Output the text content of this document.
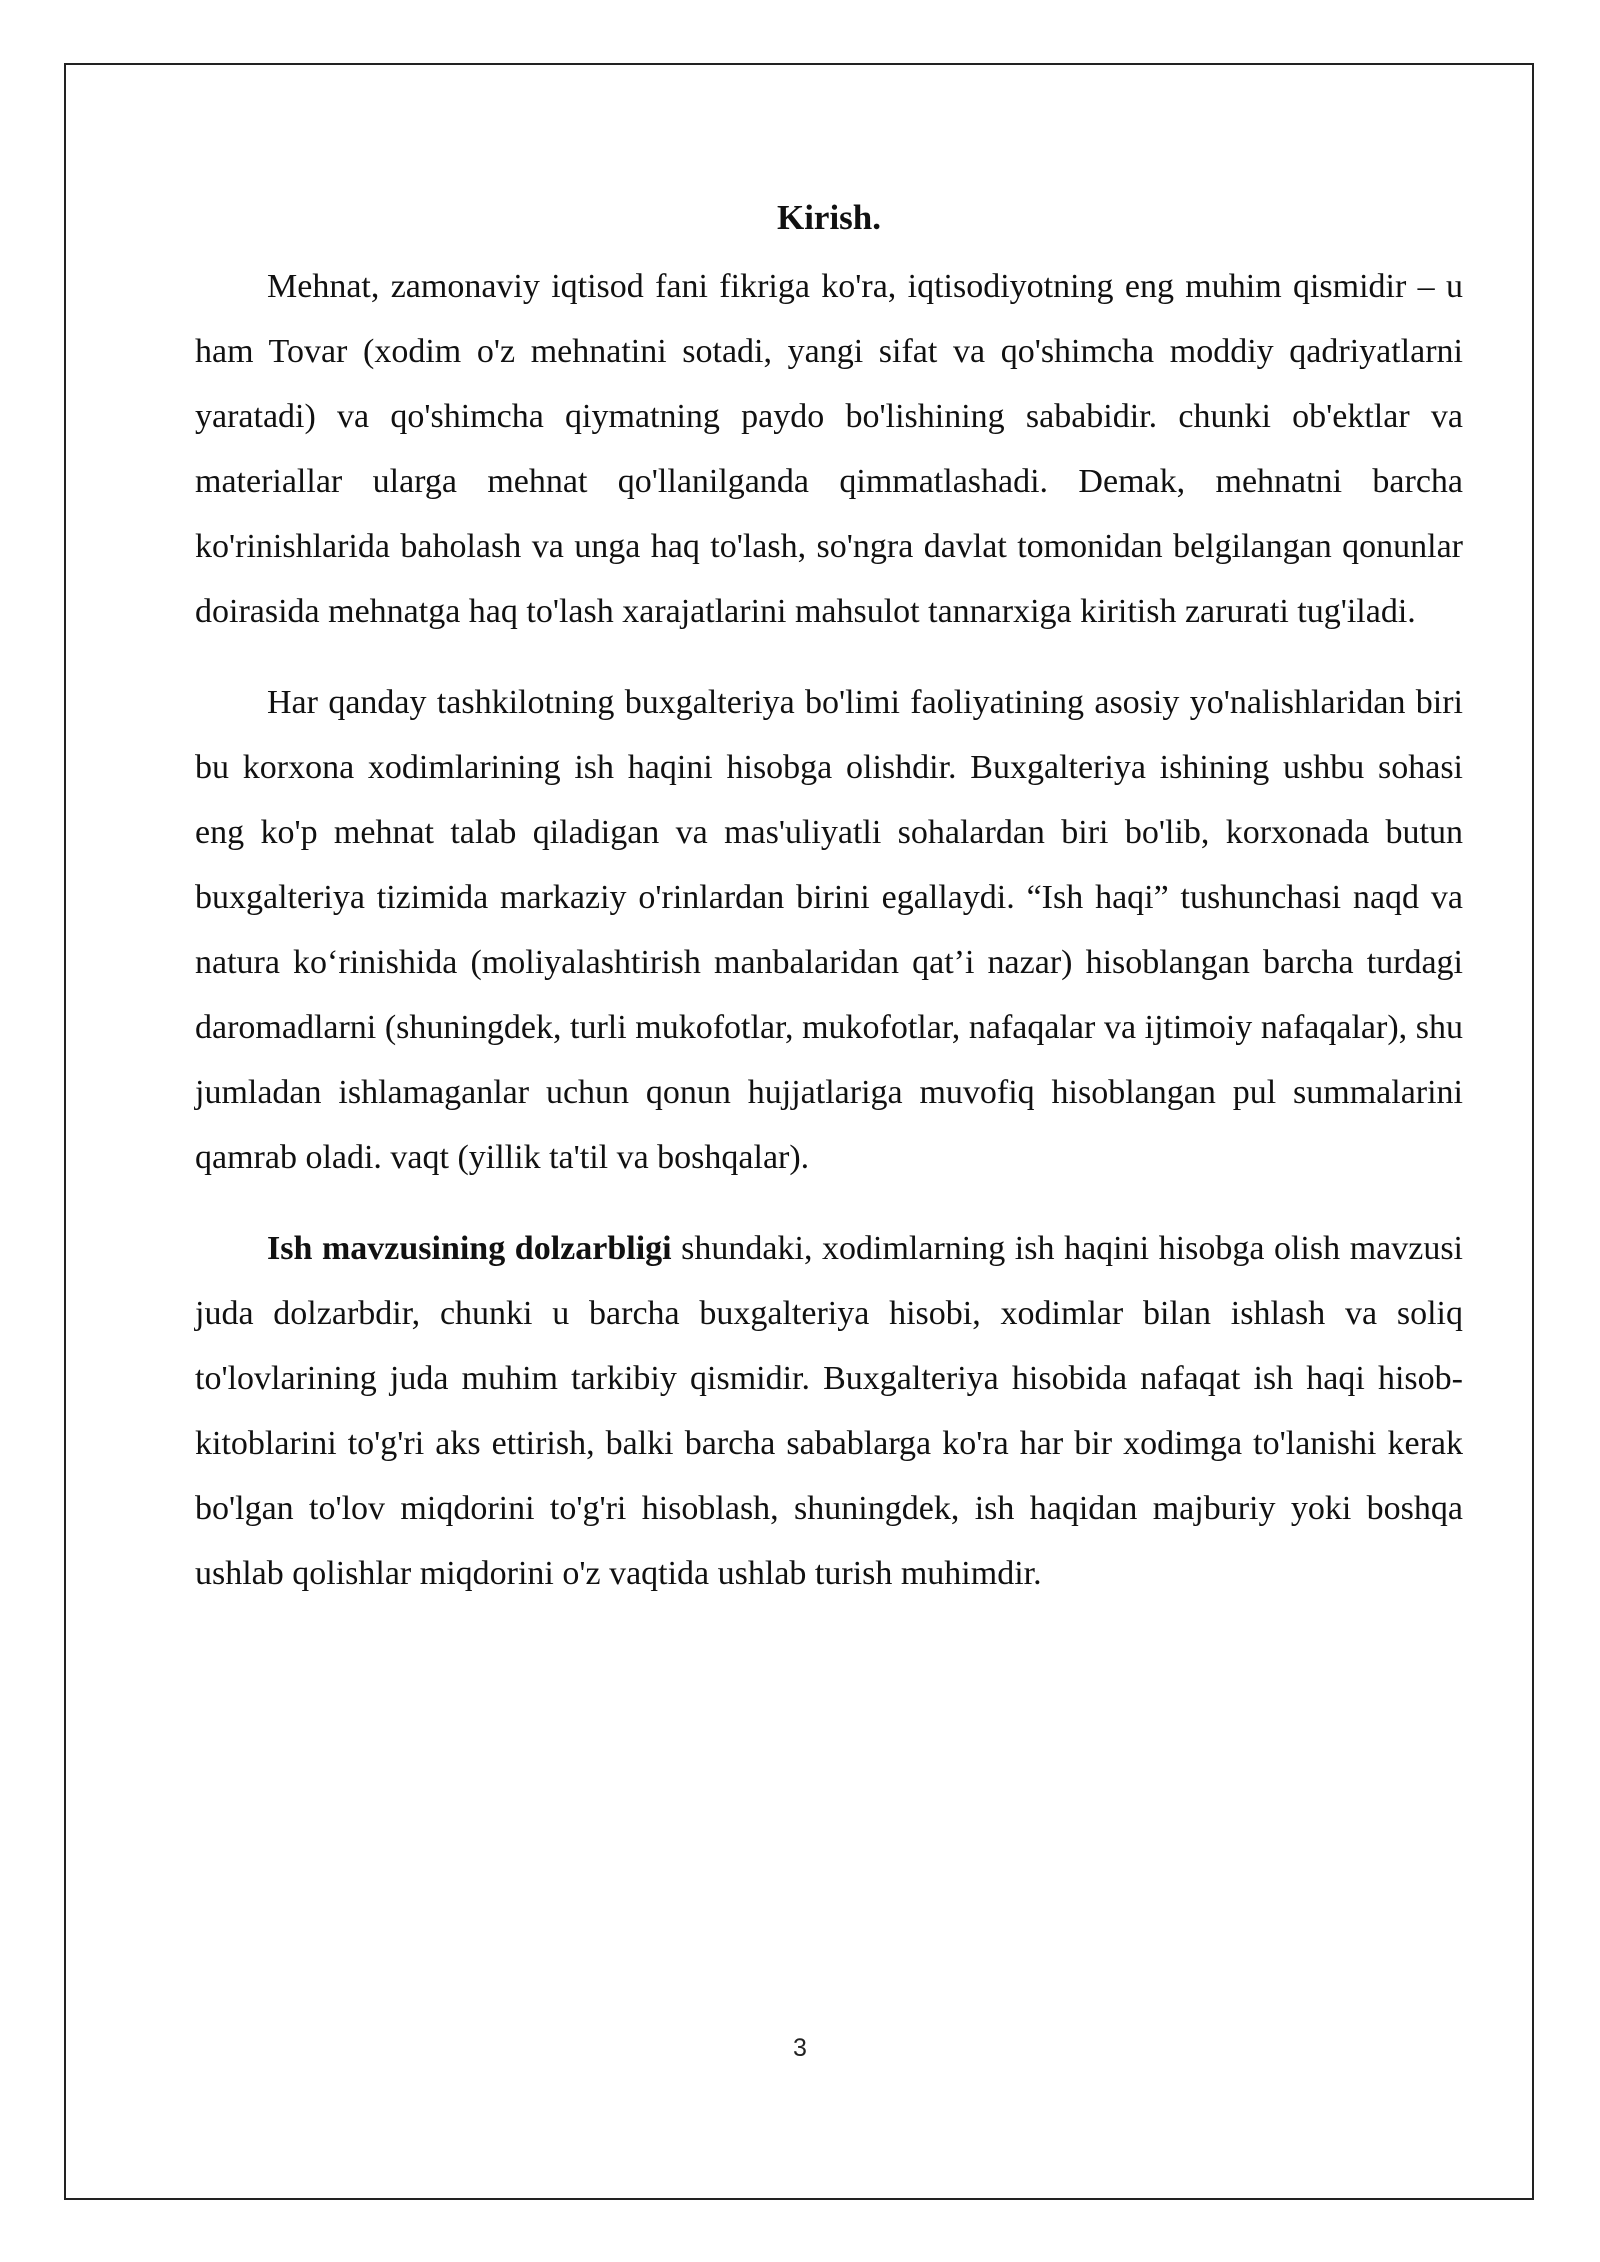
Kirish.

Mehnat, zamonaviy iqtisod fani fikriga ko'ra, iqtisodiyotning eng muhim qismidir – u ham Tovar (xodim o'z mehnatini sotadi, yangi sifat va qo'shimcha moddiy qadriyatlarni yaratadi) va qo'shimcha qiymatning paydo bo'lishining sababidir. chunki ob'ektlar va materiallar ularga mehnat qo'llanilganda qimmatlashadi. Demak, mehnatni barcha ko'rinishlarida baholash va unga haq to'lash, so'ngra davlat tomonidan belgilangan qonunlar doirasida mehnatga haq to'lash xarajatlarini mahsulot tannarxiga kiritish zarurati tug'iladi.

Har qanday tashkilotning buxgalteriya bo'limi faoliyatining asosiy yo'nalishlaridan biri bu korxona xodimlarining ish haqini hisobga olishdir. Buxgalteriya ishining ushbu sohasi eng ko'p mehnat talab qiladigan va mas'uliyatli sohalardan biri bo'lib, korxonada butun buxgalteriya tizimida markaziy o'rinlardan birini egallaydi. “Ish haqi” tushunchasi naqd va natura ko‘rinishida (moliyalashtirish manbalaridan qat’i nazar) hisoblangan barcha turdagi daromadlarni (shuningdek, turli mukofotlar, mukofotlar, nafaqalar va ijtimoiy nafaqalar), shu jumladan ishlamaganlar uchun qonun hujjatlariga muvofiq hisoblangan pul summalarini qamrab oladi. vaqt (yillik ta'til va boshqalar).

Ish mavzusining dolzarbligi shundaki, xodimlarning ish haqini hisobga olish mavzusi juda dolzarbdir, chunki u barcha buxgalteriya hisobi, xodimlar bilan ishlash va soliq to'lovlarining juda muhim tarkibiy qismidir. Buxgalteriya hisobida nafaqat ish haqi hisob-kitoblarini to'g'ri aks ettirish, balki barcha sabablarga ko'ra har bir xodimga to'lanishi kerak bo'lgan to'lov miqdorini to'g'ri hisoblash, shuningdek, ish haqidan majburiy yoki boshqa ushlab qolishlar miqdorini o'z vaqtida ushlab turish muhimdir.

3
